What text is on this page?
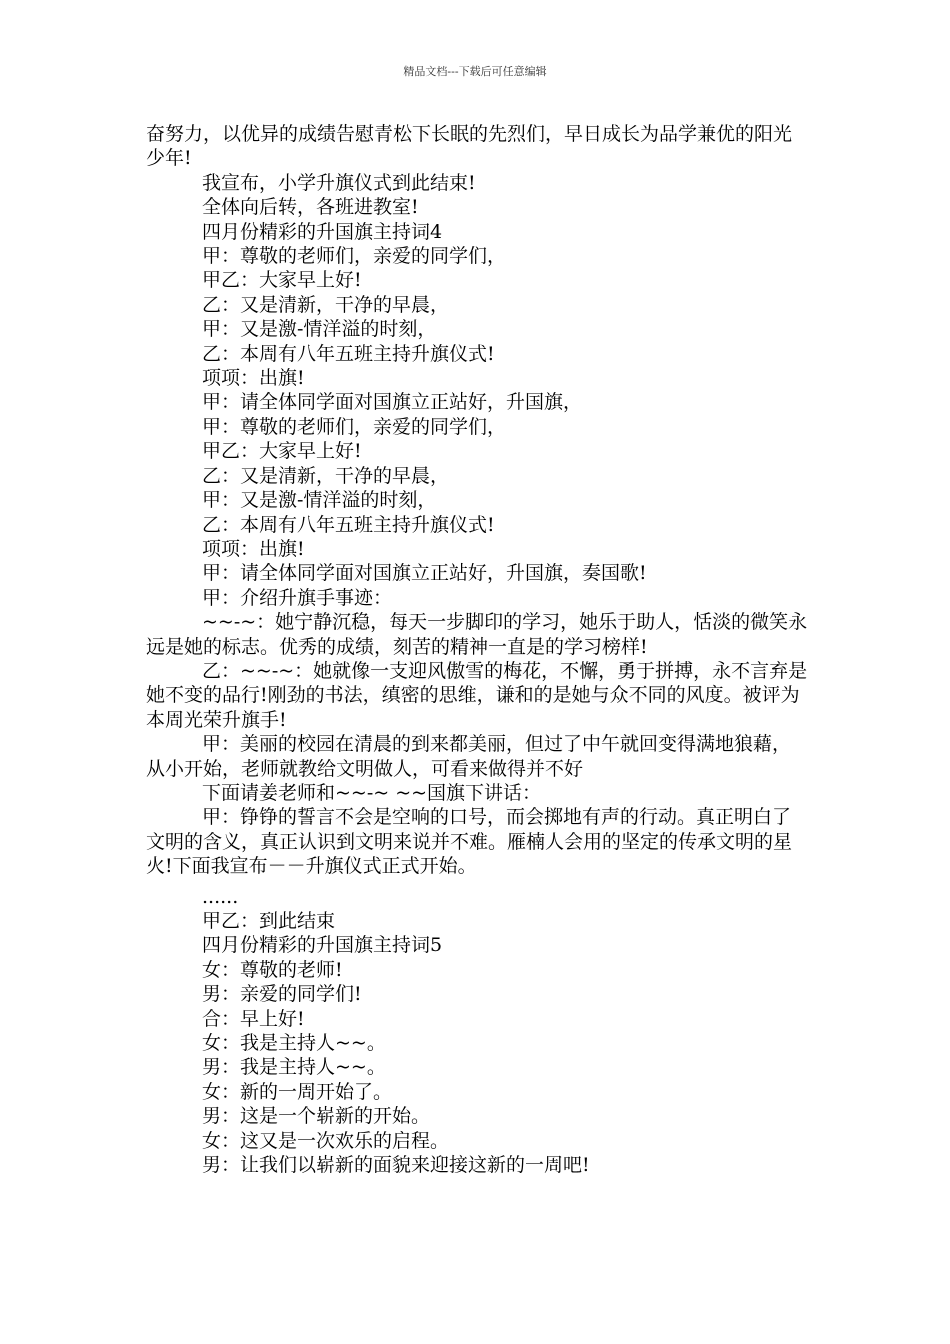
精品文档---下载后可任意编辑

奋努力，以优异的成绩告慰青松下长眠的先烈们，早日成长为品学兼优的阳光少年!

我宣布，小学升旗仪式到此结束!

全体向后转，各班进教室!

四月份精彩的升国旗主持词4

甲：尊敬的老师们，亲爱的同学们，

甲乙：大家早上好!

乙：又是清新，干净的早晨，

甲：又是激-情洋溢的时刻，

乙：本周有八年五班主持升旗仪式!

项项：出旗!

甲：请全体同学面对国旗立正站好，升国旗，

甲：尊敬的老师们，亲爱的同学们，

甲乙：大家早上好!

乙：又是清新，干净的早晨，

甲：又是激-情洋溢的时刻，

乙：本周有八年五班主持升旗仪式!

项项：出旗!

甲：请全体同学面对国旗立正站好，升国旗，奏国歌!

甲：介绍升旗手事迹：

~~-~：她宁静沉稳，每天一步脚印的学习，她乐于助人，恬淡的微笑永远是她的标志。优秀的成绩，刻苦的精神一直是的学习榜样!

乙：~~-~：她就像一支迎风傲雪的梅花，不懈，勇于拼搏，永不言弃是她不变的品行!刚劲的书法，缜密的思维，谦和的是她与众不同的风度。被评为本周光荣升旗手!

甲：美丽的校园在清晨的到来都美丽，但过了中午就回变得满地狼藉，从小开始，老师就教给文明做人，可看来做得并不好

下面请姜老师和~~-~ ~~国旗下讲话：

甲：铮铮的誓言不会是空响的口号，而会掷地有声的行动。真正明白了文明的含义，真正认识到文明来说并不难。雁楠人会用的坚定的传承文明的星火!下面我宣布－－升旗仪式正式开始。

......

甲乙：到此结束

四月份精彩的升国旗主持词5

女：尊敬的老师!

男：亲爱的同学们!

合：早上好!

女：我是主持人~~。

男：我是主持人~~。

女：新的一周开始了。

男：这是一个崭新的开始。

女：这又是一次欢乐的启程。

男：让我们以崭新的面貌来迎接这新的一周吧!
